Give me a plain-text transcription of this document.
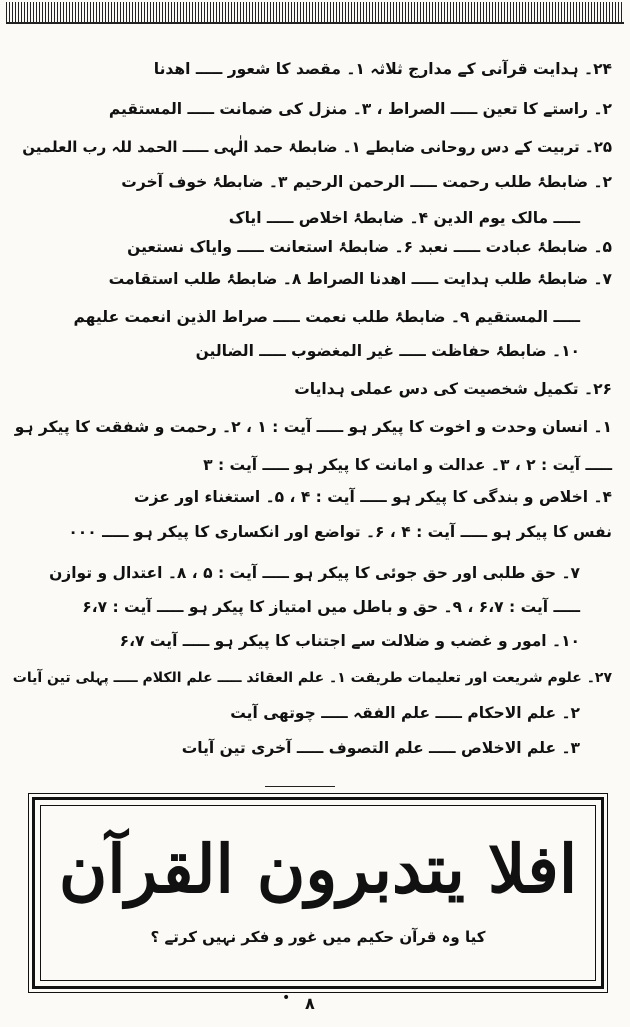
۲۴۔ ہدایت قرآنی کے مدارج ثلاثہ ۱۔ مقصد کا شعور ـــــ اھدنا
۲۔ راستے کا تعین ـــــ الصراط ، ۳۔ منزل کی ضمانت ـــــ المستقیم
۲۵۔ تربیت کے دس روحانی ضابطے ۱۔ ضابطۂ حمد الٰہی ـــــ الحمد للہ رب العلمین
۲۔ ضابطۂ طلب رحمت ـــــ الرحمن الرحیم ۳۔ ضابطۂ خوف آخرت
ـــــ مالک یوم الدین ۴۔ ضابطۂ اخلاص ـــــ ایاک
۵۔ ضابطۂ عبادت ـــــ نعبد ۶۔ ضابطۂ استعانت ـــــ وایاک نستعین
۷۔ ضابطۂ طلب ہدایت ـــــ اھدنا الصراط ۸۔ ضابطۂ طلب استقامت
ـــــ المستقیم ۹۔ ضابطۂ طلب نعمت ـــــ صراط الذین انعمت علیھم
۱۰۔ ضابطۂ حفاظت ـــــ غیر المغضوب ـــــ الضالین
۲۶۔ تکمیل شخصیت کی دس عملی ہدایات
۱۔ انسان وحدت و اخوت کا پیکر ہو ـــــ آیت : ۱ ، ۲۔ رحمت و شفقت کا پیکر ہو
ـــــ آیت : ۲ ، ۳۔ عدالت و امانت کا پیکر ہو ـــــ آیت : ۳
۴۔ اخلاص و بندگی کا پیکر ہو ـــــ آیت : ۴ ، ۵۔ استغناء اور عزت
نفس کا پیکر ہو ـــــ آیت : ۴ ، ۶۔ تواضع اور انکساری کا پیکر ہو ـــــ ۰۰۰
۷۔ حق طلبی اور حق جوئی کا پیکر ہو ـــــ آیت : ۵ ، ۸۔ اعتدال و توازن
ـــــ آیت : ۶،۷ ، ۹۔ حق و باطل میں امتیاز کا پیکر ہو ـــــ آیت : ۶،۷
۱۰۔ امور و غضب و ضلالت سے اجتناب کا پیکر ہو ـــــ آیت ۶،۷
۲۷۔ علوم شریعت اور تعلیمات طریقت ۱۔ علم العقائد ـــــ علم الکلام ـــــ پہلی تین آیات
۲۔ علم الاحکام ـــــ علم الفقہ ـــــ چوتھی آیت
۳۔ علم الاخلاص ـــــ علم التصوف ـــــ آخری تین آیات
افلا یتدبرون القرآن
کیا وہ قرآن حکیم میں غور و فکر نہیں کرتے ؟
• ۸
